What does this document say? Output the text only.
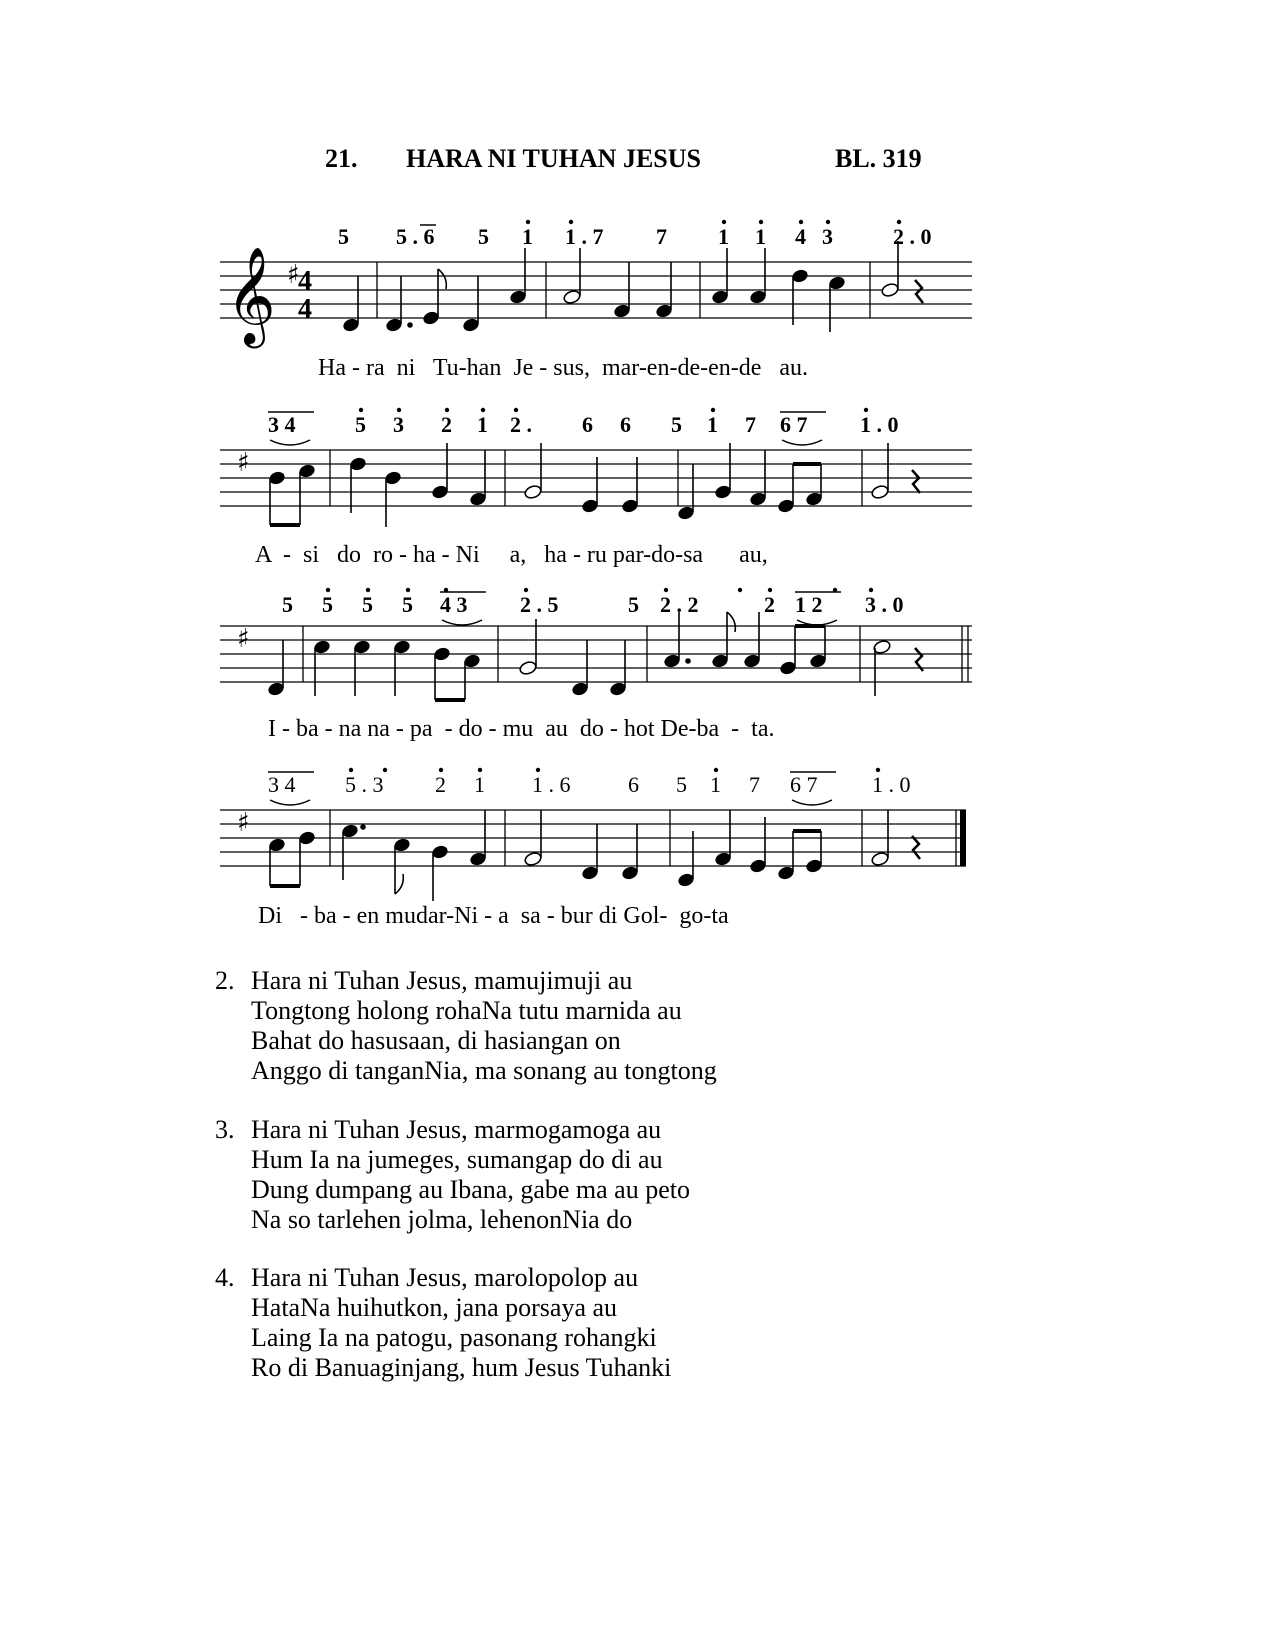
21. HARA NI TUHAN JESUS	BL. 319
5 5 . 6 5 1 1 . 7 7 1 1 4 3	2 . 0
𝄞 ♯
4
4
Ha - ra  ni   Tu-han  Je - sus,  mar-en-de-en-de   au.
3 4	5 3 2 1 2 . 6 6 5 1 7 6 7 1 . 0
♯
A  -  si   do  ro - ha - Ni     a,   ha - ru par-do-sa      au,
5 5 5 5 4 3 2 . 5	5 2 . 2	2 1 2 3 . 0
♯
I - ba - na na - pa  - do - mu  au  do - hot De-ba  -  ta.
3 4 5 . 3 2 1 1 . 6	6 5 1 7 6 7 1 . 0
♯
Di   - ba - en mudar-Ni - a  sa - bur di Gol-  go-ta
2. Hara ni Tuhan Jesus, mamujimuji au
Tongtong holong rohaNa tutu marnida au
Bahat do hasusaan, di hasiangan on
Anggo di tanganNia, ma sonang au tongtong
3. Hara ni Tuhan Jesus, marmogamoga au
Hum Ia na jumeges, sumangap do di au
Dung dumpang au Ibana, gabe ma au peto
Na so tarlehen jolma, lehenonNia do
4. Hara ni Tuhan Jesus, marolopolop au
HataNa huihutkon, jana porsaya au
Laing Ia na patogu, pasonang rohangki
Ro di Banuaginjang, hum Jesus Tuhanki
